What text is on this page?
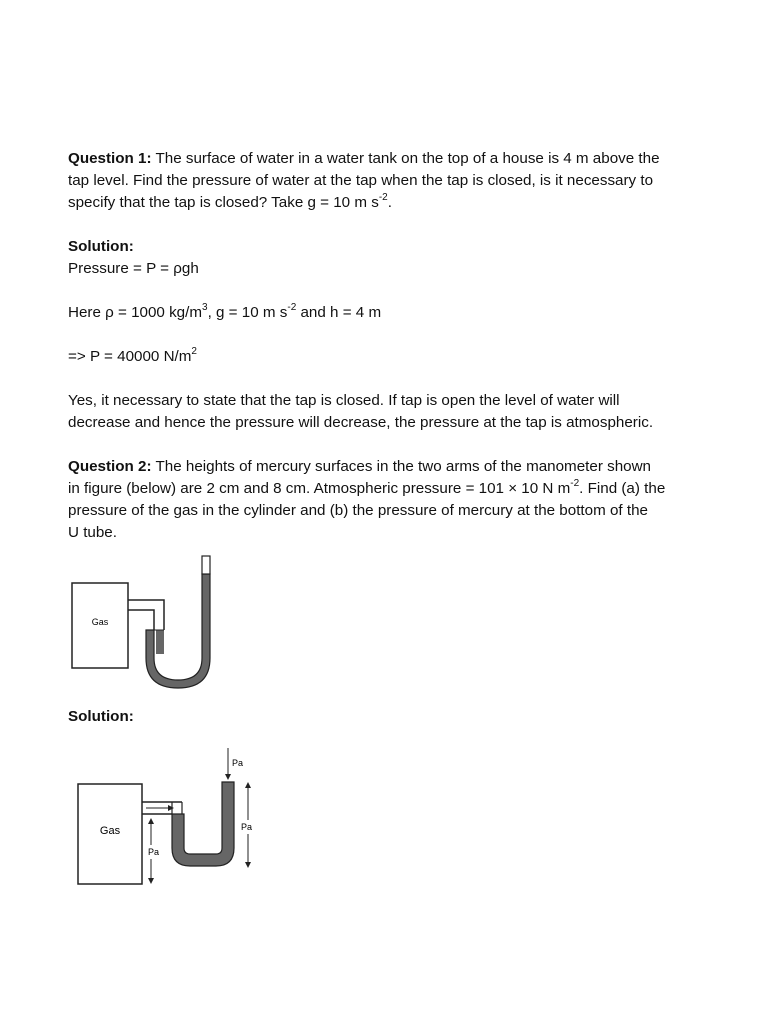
Question 1: The surface of water in a water tank on the top of a house is 4 m above the
tap level. Find the pressure of water at the tap when the tap is closed, is it necessary to
specify that the tap is closed? Take g = 10 m $s^{-2}$.

Solution:

Pressure = P = ρgh

Here ρ = 1000 $kg/m^3$, g = 10 m $s^{-2}$ and h = 4 m

=> P = 40000 $N/m^2$

Yes, it necessary to state that the tap is closed. If tap is open the level of water will
decrease and hence the pressure will decrease, the pressure at the tap is atmospheric.

Question 2: The heights of mercury surfaces in the two arms of the manometer shown
in figure (below) are 2 cm and 8 cm. Atmospheric pressure = 101 × 10 N $m^{-2}$. Find (a) the
pressure of the gas in the cylinder and (b) the pressure of mercury at the bottom of the
U tube.

Gas

Solution:

Gas
Pa
Pa
Pa
